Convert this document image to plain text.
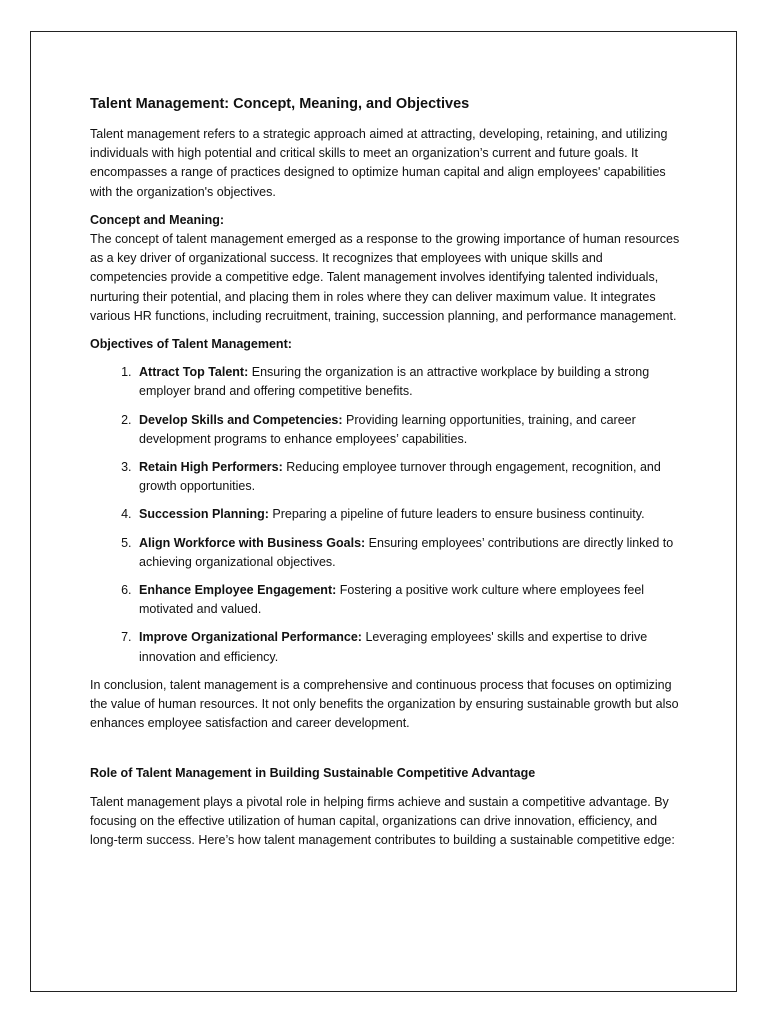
Talent Management: Concept, Meaning, and Objectives

Talent management refers to a strategic approach aimed at attracting, developing, retaining, and utilizing individuals with high potential and critical skills to meet an organization’s current and future goals. It encompasses a range of practices designed to optimize human capital and align employees' capabilities with the organization's objectives.

Concept and Meaning:
The concept of talent management emerged as a response to the growing importance of human resources as a key driver of organizational success. It recognizes that employees with unique skills and competencies provide a competitive edge. Talent management involves identifying talented individuals, nurturing their potential, and placing them in roles where they can deliver maximum value. It integrates various HR functions, including recruitment, training, succession planning, and performance management.

Objectives of Talent Management:

1. Attract Top Talent: Ensuring the organization is an attractive workplace by building a strong employer brand and offering competitive benefits.
2. Develop Skills and Competencies: Providing learning opportunities, training, and career development programs to enhance employees’ capabilities.
3. Retain High Performers: Reducing employee turnover through engagement, recognition, and growth opportunities.
4. Succession Planning: Preparing a pipeline of future leaders to ensure business continuity.
5. Align Workforce with Business Goals: Ensuring employees’ contributions are directly linked to achieving organizational objectives.
6. Enhance Employee Engagement: Fostering a positive work culture where employees feel motivated and valued.
7. Improve Organizational Performance: Leveraging employees' skills and expertise to drive innovation and efficiency.

In conclusion, talent management is a comprehensive and continuous process that focuses on optimizing the value of human resources. It not only benefits the organization by ensuring sustainable growth but also enhances employee satisfaction and career development.

Role of Talent Management in Building Sustainable Competitive Advantage

Talent management plays a pivotal role in helping firms achieve and sustain a competitive advantage. By focusing on the effective utilization of human capital, organizations can drive innovation, efficiency, and long-term success. Here’s how talent management contributes to building a sustainable competitive edge:
